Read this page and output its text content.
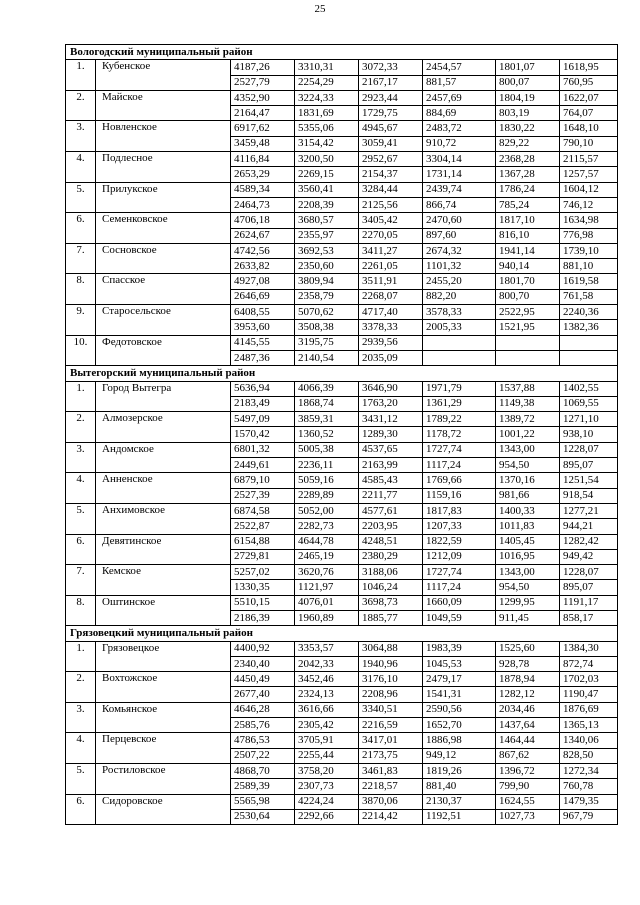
25
Вологодский муниципальный район							
1.	Кубенское	4187,26	3310,31	3072,33	2454,57	1801,07	1618,95
		2527,79	2254,29	2167,17	881,57	800,07	760,95
2.	Майское	4352,90	3224,33	2923,44	2457,69	1804,19	1622,07
		2164,47	1831,69	1729,75	884,69	803,19	764,07
3.	Новленское	6917,62	5355,06	4945,67	2483,72	1830,22	1648,10
		3459,48	3154,42	3059,41	910,72	829,22	790,10
4.	Подлесное	4116,84	3200,50	2952,67	3304,14	2368,28	2115,57
		2653,29	2269,15	2154,37	1731,14	1367,28	1257,57
5.	Прилукское	4589,34	3560,41	3284,44	2439,74	1786,24	1604,12
		2464,73	2208,39	2125,56	866,74	785,24	746,12
6.	Семенковское	4706,18	3680,57	3405,42	2470,60	1817,10	1634,98
		2624,67	2355,97	2270,05	897,60	816,10	776,98
7.	Сосновское	4742,56	3692,53	3411,27	2674,32	1941,14	1739,10
		2633,82	2350,60	2261,05	1101,32	940,14	881,10
8.	Спасское	4927,08	3809,94	3511,91	2455,20	1801,70	1619,58
		2646,69	2358,79	2268,07	882,20	800,70	761,58
9.	Старосельское	6408,55	5070,62	4717,40	3578,33	2522,95	2240,36
		3953,60	3508,38	3378,33	2005,33	1521,95	1382,36
10.	Федотовское	4145,55	3195,75	2939,56			
		2487,36	2140,54	2035,09			
Вытегорский муниципальный район							
1.	Город Вытегра	5636,94	4066,39	3646,90	1971,79	1537,88	1402,55
		2183,49	1868,74	1763,20	1361,29	1149,38	1069,55
2.	Алмозерское	5497,09	3859,31	3431,12	1789,22	1389,72	1271,10
		1570,42	1360,52	1289,30	1178,72	1001,22	938,10
3.	Андомское	6801,32	5005,38	4537,65	1727,74	1343,00	1228,07
		2449,61	2236,11	2163,99	1117,24	954,50	895,07
4.	Анненское	6879,10	5059,16	4585,43	1769,66	1370,16	1251,54
		2527,39	2289,89	2211,77	1159,16	981,66	918,54
5.	Анхимовское	6874,58	5052,00	4577,61	1817,83	1400,33	1277,21
		2522,87	2282,73	2203,95	1207,33	1011,83	944,21
6.	Девятинское	6154,88	4644,78	4248,51	1822,59	1405,45	1282,42
		2729,81	2465,19	2380,29	1212,09	1016,95	949,42
7.	Кемское	5257,02	3620,76	3188,06	1727,74	1343,00	1228,07
		1330,35	1121,97	1046,24	1117,24	954,50	895,07
8.	Оштинское	5510,15	4076,01	3698,73	1660,09	1299,95	1191,17
		2186,39	1960,89	1885,77	1049,59	911,45	858,17
Грязовецкий муниципальный район							
1.	Грязовецкое	4400,92	3353,57	3064,88	1983,39	1525,60	1384,30
		2340,40	2042,33	1940,96	1045,53	928,78	872,74
2.	Вохтожское	4450,49	3452,46	3176,10	2479,17	1878,94	1702,03
		2677,40	2324,13	2208,96	1541,31	1282,12	1190,47
3.	Комьянское	4646,28	3616,66	3340,51	2590,56	2034,46	1876,69
		2585,76	2305,42	2216,59	1652,70	1437,64	1365,13
4.	Перцевское	4786,53	3705,91	3417,01	1886,98	1464,44	1340,06
		2507,22	2255,44	2173,75	949,12	867,62	828,50
5.	Ростиловское	4868,70	3758,20	3461,83	1819,26	1396,72	1272,34
		2589,39	2307,73	2218,57	881,40	799,90	760,78
6.	Сидоровское	5565,98	4224,24	3870,06	2130,37	1624,55	1479,35
		2530,64	2292,66	2214,42	1192,51	1027,73	967,79
